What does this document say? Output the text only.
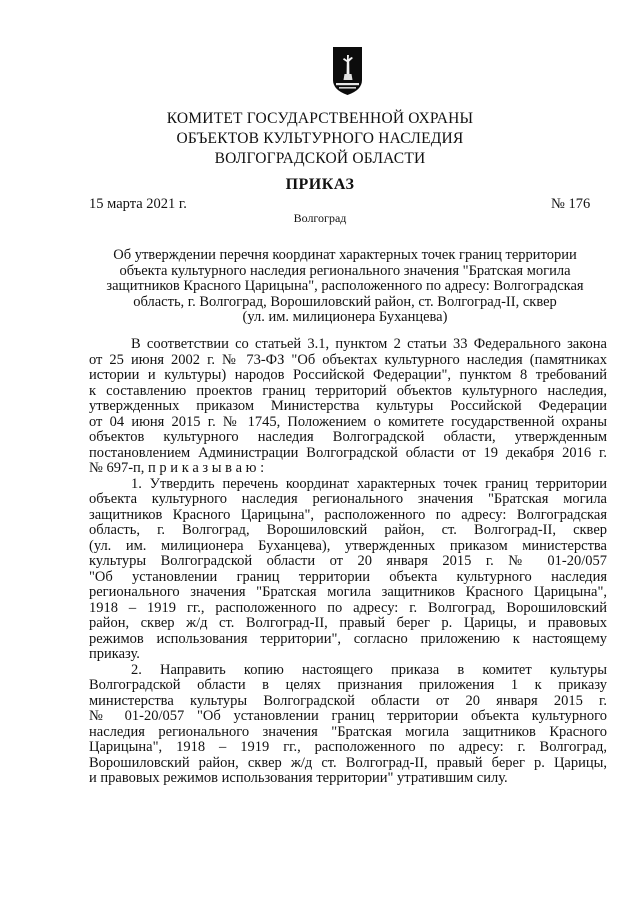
КОМИТЕТ ГОСУДАРСТВЕННОЙ ОХРАНЫ
ОБЪЕКТОВ КУЛЬТУРНОГО НАСЛЕДИЯ
ВОЛГОГРАДСКОЙ ОБЛАСТИ
ПРИКАЗ
15 марта 2021 г.	№ 176
Волгоград
Об утверждении перечня координат характерных точек границ территории
объекта культурного наследия регионального значения "Братская могила
защитников Красного Царицына", расположенного по адресу: Волгоградская
область, г. Волгоград, Ворошиловский район, ст. Волгоград-II, сквер
(ул. им. милиционера Буханцева)
В соответствии со статьей 3.1, пунктом 2 статьи 33 Федерального закона
от 25 июня 2002 г. № 73-ФЗ "Об объектах культурного наследия (памятниках
истории и культуры) народов Российской Федерации", пунктом 8 требований
к составлению проектов границ территорий объектов культурного наследия,
утвержденных приказом Министерства культуры Российской Федерации
от 04 июня 2015 г. № 1745, Положением о комитете государственной охраны
объектов культурного наследия Волгоградской области, утвержденным
постановлением Администрации Волгоградской области от 19 декабря 2016 г.
№ 697-п, п р и к а з ы в а ю :
1. Утвердить перечень координат характерных точек границ территории
объекта культурного наследия регионального значения "Братская могила
защитников Красного Царицына", расположенного по адресу: Волгоградская
область, г. Волгоград, Ворошиловский район, ст. Волгоград-II, сквер
(ул. им. милиционера Буханцева), утвержденных приказом министерства
культуры Волгоградской области от 20 января 2015 г. № 01-20/057
"Об установлении границ территории объекта культурного наследия
регионального значения "Братская могила защитников Красного Царицына",
1918 – 1919 гг., расположенного по адресу: г. Волгоград, Ворошиловский
район, сквер ж/д ст. Волгоград-II, правый берег р. Царицы, и правовых
режимов использования территории", согласно приложению к настоящему
приказу.
2. Направить копию настоящего приказа в комитет культуры
Волгоградской области в целях признания приложения 1 к приказу
министерства культуры Волгоградской области от 20 января 2015 г.
№ 01-20/057 "Об установлении границ территории объекта культурного
наследия регионального значения "Братская могила защитников Красного
Царицына", 1918 – 1919 гг., расположенного по адресу: г. Волгоград,
Ворошиловский район, сквер ж/д ст. Волгоград-II, правый берег р. Царицы,
и правовых режимов использования территории" утратившим силу.
